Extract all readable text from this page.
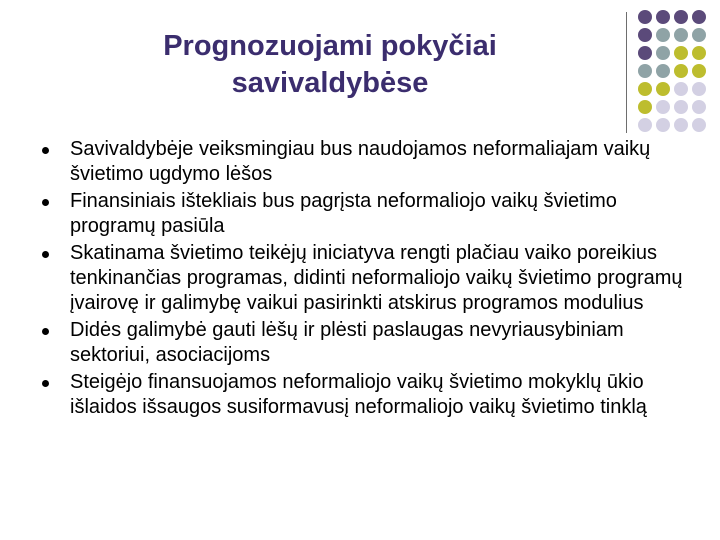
Prognozuojami pokyčiai
savivaldybėse
Savivaldybėje veiksmingiau bus naudojamos neformaliajam vaikų švietimo ugdymo lėšos
Finansiniais ištekliais bus pagrįsta neformaliojo vaikų švietimo programų pasiūla
Skatinama švietimo teikėjų iniciatyva rengti plačiau vaiko poreikius tenkinančias programas, didinti neformaliojo vaikų švietimo programų įvairovę ir galimybę vaikui pasirinkti atskirus programos modulius
Didės galimybė gauti lėšų ir plėsti paslaugas nevyriausybiniam sektoriui, asociacijoms
Steigėjo finansuojamos neformaliojo vaikų švietimo mokyklų ūkio išlaidos išsaugos susiformavusį neformaliojo vaikų švietimo tinklą
